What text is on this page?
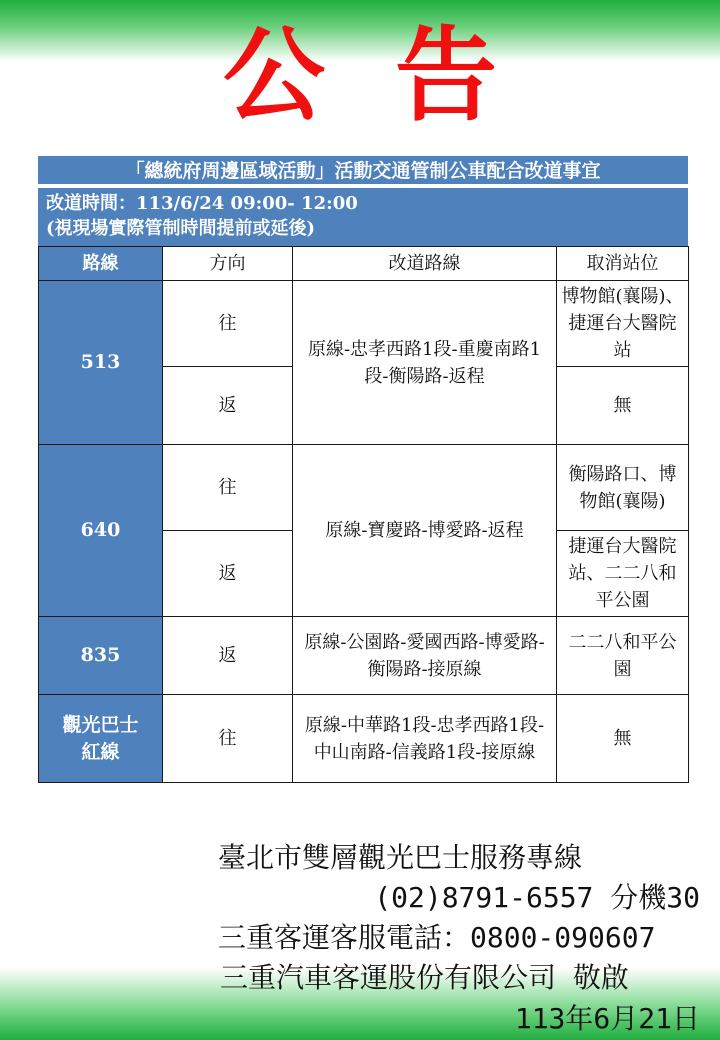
公告
「總統府周邊區域活動」活動交通管制公車配合改道事宜
改道時間：113/6/24 09:00- 12:00
(視現場實際管制時間提前或延後)
路線	方向	改道路線	取消站位
513	往	原線-忠孝西路1段-重慶南路1段-衡陽路-返程	博物館(襄陽)、捷運台大醫院站
	返		無
640	往	原線-寶慶路-博愛路-返程	衡陽路口、博物館(襄陽)
	返		捷運台大醫院站、二二八和平公園
835	返	原線-公園路-愛國西路-博愛路-衡陽路-接原線	二二八和平公園
觀光巴士紅線	往	原線-中華路1段-忠孝西路1段-中山南路-信義路1段-接原線	無
臺北市雙層觀光巴士服務專線
(02)8791-6557 分機30
三重客運客服電話：0800-090607
三重汽車客運股份有限公司 敬啟
113年6月21日
